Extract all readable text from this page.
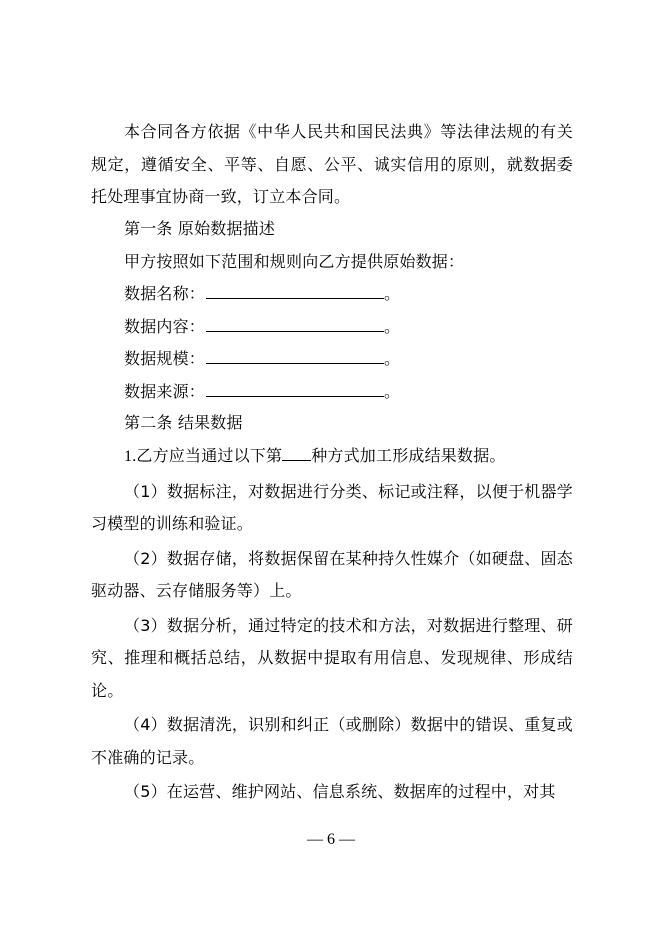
本合同各方依据《中华人民共和国民法典》等法律法规的有关规定，遵循安全、平等、自愿、公平、诚实信用的原则，就数据委托处理事宜协商一致，订立本合同。

第一条 原始数据描述

甲方按照如下范围和规则向乙方提供原始数据：

数据名称：	。

数据内容：	。

数据规模：	。

数据来源：	。

第二条 结果数据

1.乙方应当通过以下第 种方式加工形成结果数据。

（1）数据标注，对数据进行分类、标记或注释，以便于机器学习模型的训练和验证。

（2）数据存储，将数据保留在某种持久性媒介（如硬盘、固态驱动器、云存储服务等）上。

（3）数据分析，通过特定的技术和方法，对数据进行整理、研究、推理和概括总结，从数据中提取有用信息、发现规律、形成结论。

（4）数据清洗，识别和纠正（或删除）数据中的错误、重复或不准确的记录。

（5）在运营、维护网站、信息系统、数据库的过程中，对其

— 6 —
